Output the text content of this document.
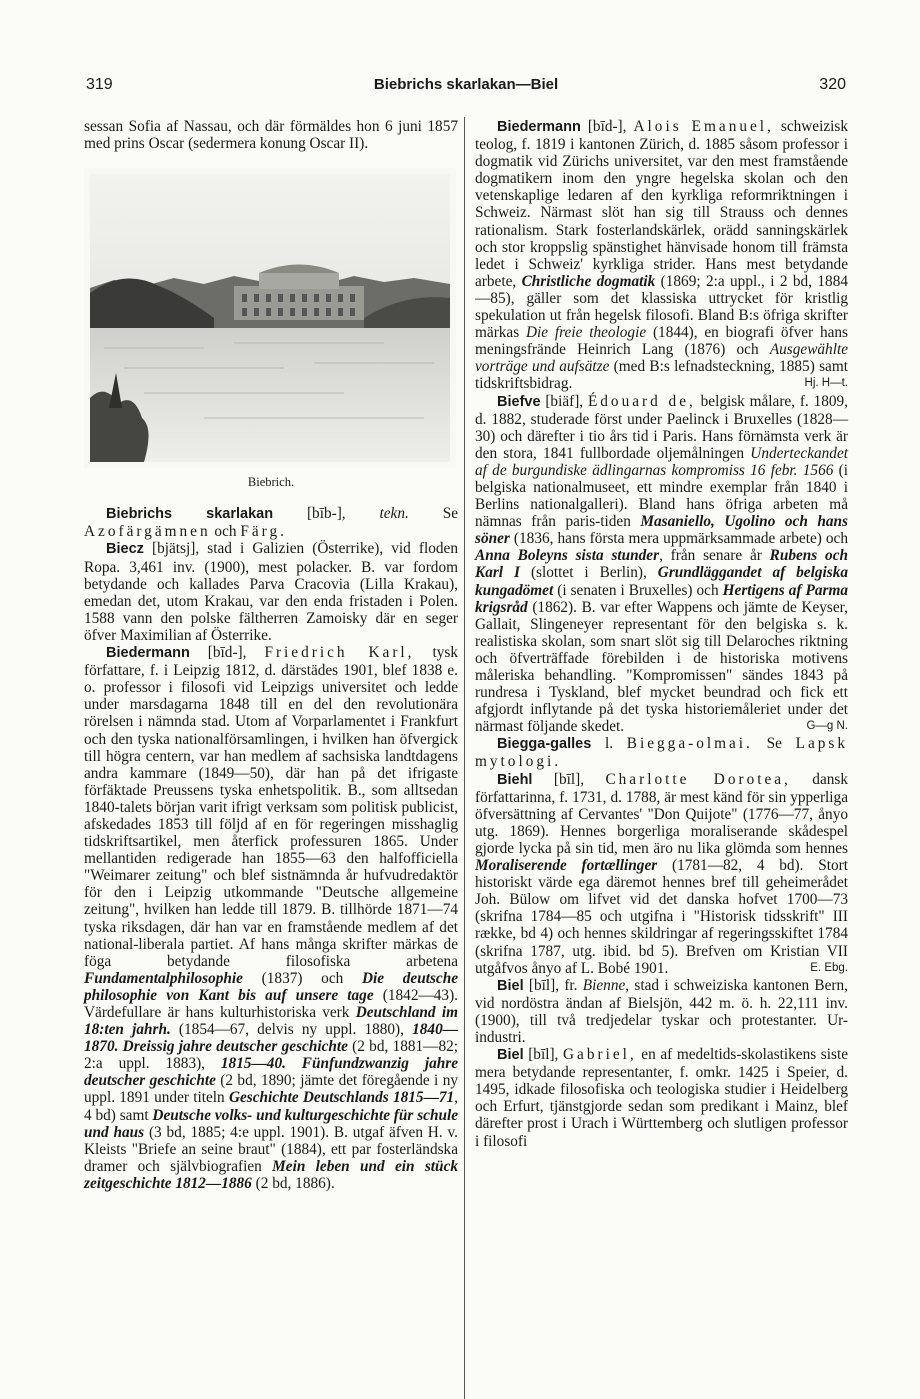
319	Biebrichs skarlakan—Biel	320

sessan Sofia af Nassau, och där förmäldes hon 6 juni 1857 med prins Oscar (sedermera konung Oscar II).

Biebrich.

Biebrichs skarlakan [bīb-], tekn. Se Azofärgämnen och Färg.

Biecz [bjätsj], stad i Galizien (Österrike), vid floden Ropa. 3,461 inv. (1900), mest polacker. B. var fordom betydande och kallades Parva Cracovia (Lilla Krakau), emedan det, utom Krakau, var den enda fristaden i Polen. 1588 vann den polske fältherren Zamoisky där en seger öfver Maximilian af Österrike.

Biedermann [bīd-], Friedrich Karl, tysk författare, f. i Leipzig 1812, d. därstädes 1901, blef 1838 e. o. professor i filosofi vid Leipzigs universitet och ledde under marsdagarna 1848 till en del den revolutionära rörelsen i nämnda stad. Utom af Vorparlamentet i Frankfurt och den tyska nationalförsamlingen, i hvilken han öfvergick till högra centern, var han medlem af sachsiska landtdagens andra kammare (1849—50), där han på det ifrigaste förfäktade Preussens tyska enhetspolitik. B., som alltsedan 1840-talets början varit ifrigt verksam som politisk publicist, afskedades 1853 till följd af en för regeringen misshaglig tidskriftsartikel, men återfick professuren 1865. Under mellantiden redigerade han 1855—63 den halfofficiella "Weimarer zeitung" och blef sistnämnda år hufvudredaktör för den i Leipzig utkommande "Deutsche allgemeine zeitung", hvilken han ledde till 1879. B. tillhörde 1871—74 tyska riksdagen, där han var en framstående medlem af det national-liberala partiet. Af hans många skrifter märkas de föga betydande filosofiska arbetena Fundamentalphilosophie (1837) och Die deutsche philosophie von Kant bis auf unsere tage (1842—43). Värdefullare är hans kulturhistoriska verk Deutschland im 18:ten jahrh. (1854—67, delvis ny uppl. 1880), 1840—1870. Dreissig jahre deutscher geschichte (2 bd, 1881—82; 2:a uppl. 1883), 1815—40. Fünfundzwanzig jahre deutscher geschichte (2 bd, 1890; jämte det föregående i ny uppl. 1891 under titeln Geschichte Deutschlands 1815—71, 4 bd) samt Deutsche volks- und kulturgeschichte für schule und haus (3 bd, 1885; 4:e uppl. 1901). B. utgaf äfven H. v. Kleists "Briefe an seine braut" (1884), ett par fosterländska dramer och självbiografien Mein leben und ein stück zeitgeschichte 1812—1886 (2 bd, 1886).

Biedermann [bīd-], Alois Emanuel, schweizisk teolog, f. 1819 i kantonen Zürich, d. 1885 såsom professor i dogmatik vid Zürichs universitet, var den mest framstående dogmatikern inom den yngre hegelska skolan och den vetenskaplige ledaren af den kyrkliga reformriktningen i Schweiz. Närmast slöt han sig till Strauss och dennes rationalism. Stark fosterlandskärlek, orädd sanningskärlek och stor kroppslig spänstighet hänvisade honom till främsta ledet i Schweiz' kyrkliga strider. Hans mest betydande arbete, Christliche dogmatik (1869; 2:a uppl., i 2 bd, 1884—85), gäller som det klassiska uttrycket för kristlig spekulation ut från hegelsk filosofi. Bland B:s öfriga skrifter märkas Die freie theologie (1844), en biografi öfver hans meningsfrände Heinrich Lang (1876) och Ausgewählte vorträge und aufsätze (med B:s lefnadsteckning, 1885) samt tidskriftsbidrag.	Hj. H—t.

Biefve [biäf], Édouard de, belgisk målare, f. 1809, d. 1882, studerade först under Paelinck i Bruxelles (1828—30) och därefter i tio års tid i Paris. Hans förnämsta verk är den stora, 1841 fullbordade oljemålningen Underteckandet af de burgundiske ädlingarnas kompromiss 16 febr. 1566 (i belgiska nationalmuseet, ett mindre exemplar från 1840 i Berlins nationalgalleri). Bland hans öfriga arbeten må nämnas från paris-tiden Masaniello, Ugolino och hans söner (1836, hans första mera uppmärksammade arbete) och Anna Boleyns sista stunder, från senare år Rubens och Karl I (slottet i Berlin), Grundläggandet af belgiska kungadömet (i senaten i Bruxelles) och Hertigens af Parma krigsråd (1862). B. var efter Wappens och jämte de Keyser, Gallait, Slingeneyer representant för den belgiska s. k. realistiska skolan, som snart slöt sig till Delaroches riktning och öfverträffade förebilden i de historiska motivens måleriska behandling. "Kompromissen" sändes 1843 på rundresa i Tyskland, blef mycket beundrad och fick ett afgjordt inflytande på det tyska historiemåleriet under det närmast följande skedet.	G—g N.

Biegga-galles l. Biegga-olmai. Se Lapsk mytologi.

Biehl [bīl], Charlotte Dorotea, dansk författarinna, f. 1731, d. 1788, är mest känd för sin ypperliga öfversättning af Cervantes' "Don Quijote" (1776—77, ånyo utg. 1869). Hennes borgerliga moraliserande skådespel gjorde lycka på sin tid, men äro nu lika glömda som hennes Moraliserende fortællinger (1781—82, 4 bd). Stort historiskt värde ega däremot hennes bref till geheimerådet Joh. Bülow om lifvet vid det danska hofvet 1700—73 (skrifna 1784—85 och utgifna i "Historisk tidsskrift" III række, bd 4) och hennes skildringar af regeringsskiftet 1784 (skrifna 1787, utg. ibid. bd 5). Brefven om Kristian VII utgåfvos ånyo af L. Bobé 1901.	E. Ebg.

Biel [bīl], fr. Bienne, stad i schweiziska kantonen Bern, vid nordöstra ändan af Bielsjön, 442 m. ö. h. 22,111 inv. (1900), till två tredjedelar tyskar och protestanter. Ur-industri.

Biel [bīl], Gabriel, en af medeltids-skolastikens siste mera betydande representanter, f. omkr. 1425 i Speier, d. 1495, idkade filosofiska och teologiska studier i Heidelberg och Erfurt, tjänstgjorde sedan som predikant i Mainz, blef därefter prost i Urach i Württemberg och slutligen professor i filosofi
